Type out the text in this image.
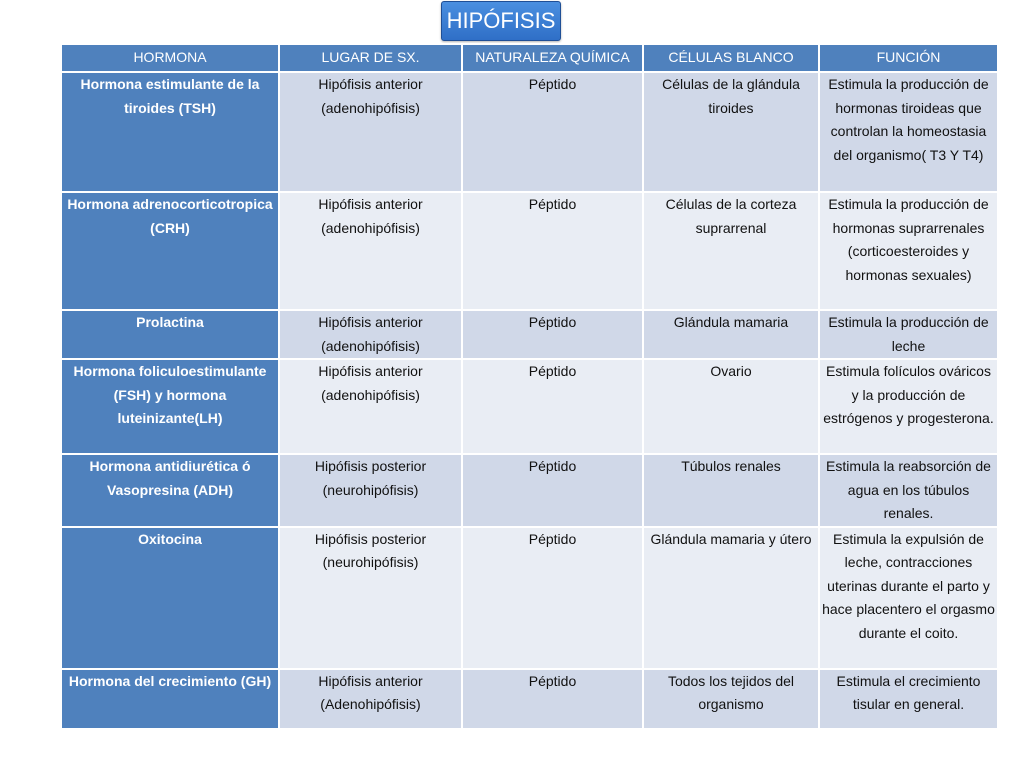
HIPÓFISIS
HORMONA	LUGAR DE SX.	NATURALEZA QUÍMICA	CÉLULAS BLANCO	FUNCIÓN
Hormona estimulante de la tiroides (TSH)	Hipófisis anterior (adenohipófisis)	Péptido	Células de la glándula tiroides	Estimula la producción de hormonas tiroideas que controlan la homeostasia del organismo( T3 Y T4)
Hormona adrenocorticotropica (CRH)	Hipófisis anterior (adenohipófisis)	Péptido	Células de la corteza suprarrenal	Estimula la producción de hormonas suprarrenales (corticoesteroides y hormonas sexuales)
Prolactina	Hipófisis anterior (adenohipófisis)	Péptido	Glándula mamaria	Estimula la producción de leche
Hormona foliculoestimulante (FSH) y hormona luteinizante(LH)	Hipófisis anterior (adenohipófisis)	Péptido	Ovario	Estimula folículos ováricos y la producción de estrógenos y progesterona.
Hormona antidiurética ó Vasopresina (ADH)	Hipófisis posterior (neurohipófisis)	Péptido	Túbulos renales	Estimula la reabsorción de agua en los túbulos renales.
Oxitocina	Hipófisis posterior (neurohipófisis)	Péptido	Glándula mamaria y útero	Estimula la expulsión de leche, contracciones uterinas durante el parto y hace placentero el orgasmo durante el coito.
Hormona del crecimiento (GH)	Hipófisis anterior (Adenohipófisis)	Péptido	Todos los tejidos del organismo	Estimula el crecimiento tisular en general.
